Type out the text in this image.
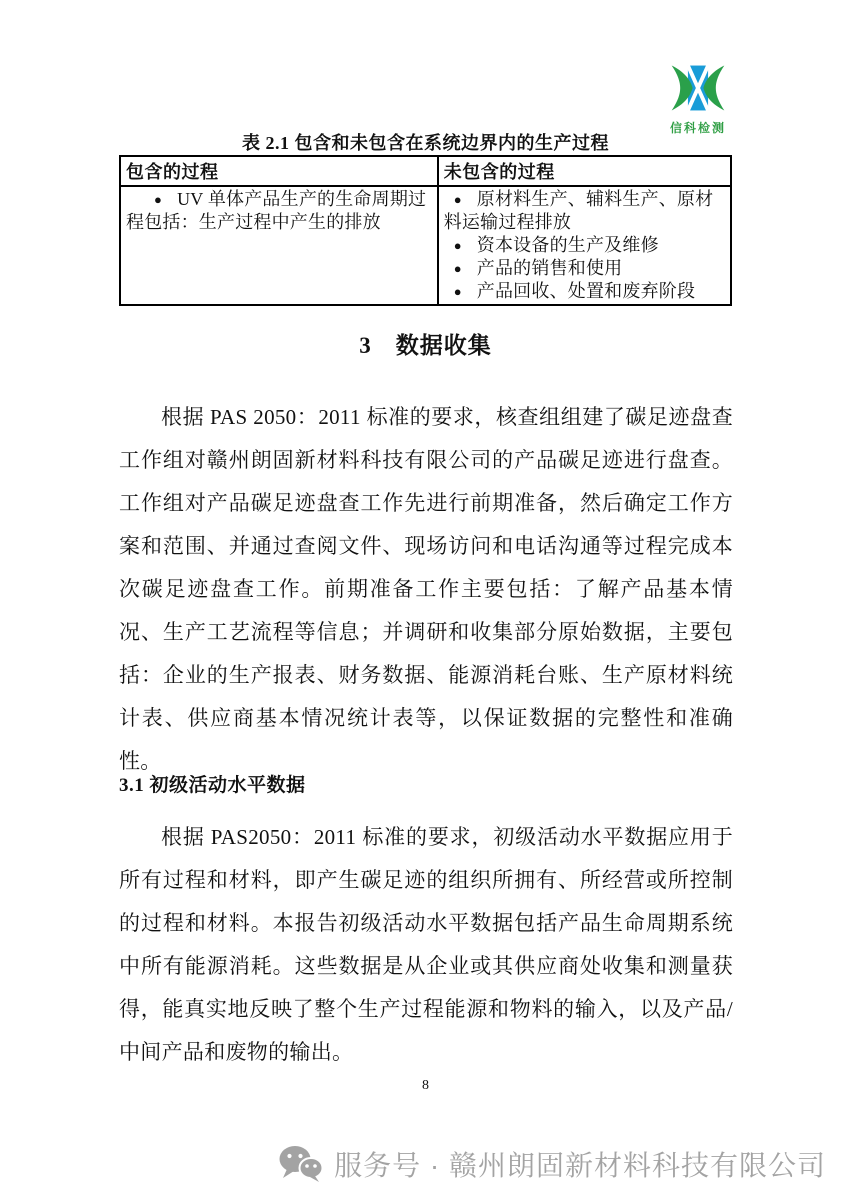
信科检测
表 2.1 包含和未包含在系统边界内的生产过程
包含的过程	未包含的过程

● UV 单体产品生产的生命周期过程包括：生产过程中产生的排放	● 原材料生产、辅料生产、原材料运输过程排放
● 资本设备的生产及维修
● 产品的销售和使用
● 产品回收、处置和废弃阶段
3　数据收集
根据 PAS 2050：2011 标准的要求，核查组组建了碳足迹盘查工作组对赣州朗固新材料科技有限公司的产品碳足迹进行盘查。工作组对产品碳足迹盘查工作先进行前期准备，然后确定工作方案和范围、并通过查阅文件、现场访问和电话沟通等过程完成本次碳足迹盘查工作。前期准备工作主要包括：了解产品基本情况、生产工艺流程等信息；并调研和收集部分原始数据，主要包括：企业的生产报表、财务数据、能源消耗台账、生产原材料统计表、供应商基本情况统计表等，以保证数据的完整性和准确性。
3.1 初级活动水平数据
根据 PAS2050：2011 标准的要求，初级活动水平数据应用于所有过程和材料，即产生碳足迹的组织所拥有、所经营或所控制的过程和材料。本报告初级活动水平数据包括产品生命周期系统中所有能源消耗。这些数据是从企业或其供应商处收集和测量获得，能真实地反映了整个生产过程能源和物料的输入，以及产品/中间产品和废物的输出。
8
服务号 · 赣州朗固新材料科技有限公司
